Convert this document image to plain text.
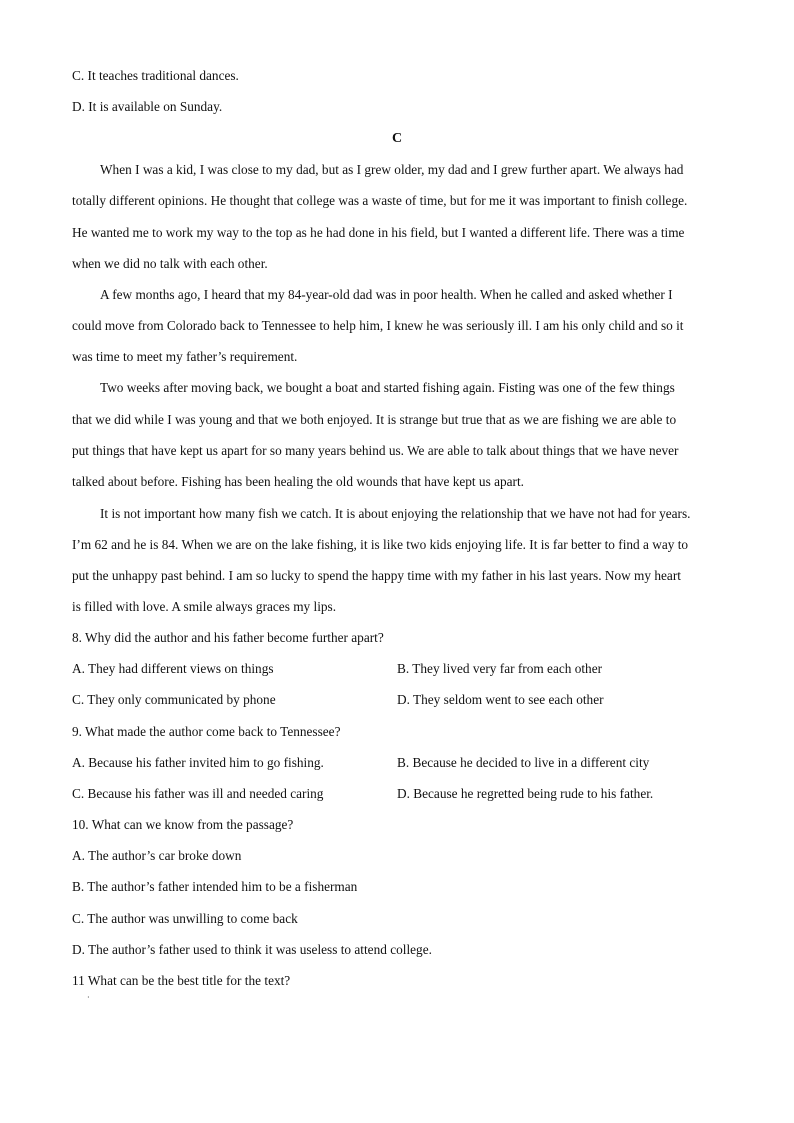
C. It teaches traditional dances.
D. It is available on Sunday.
C
When I was a kid, I was close to my dad, but as I grew older, my dad and I grew further apart. We always had
totally different opinions. He thought that college was a waste of time, but for me it was important to finish college.
He wanted me to work my way to the top as he had done in his field, but I wanted a different life. There was a time
when we did no talk with each other.
A few months ago, I heard that my 84-year-old dad was in poor health. When he called and asked whether I
could move from Colorado back to Tennessee to help him, I knew he was seriously ill. I am his only child and so it
was time to meet my father’s requirement.
Two weeks after moving back, we bought a boat and started fishing again. Fisting was one of the few things
that we did while I was young and that we both enjoyed. It is strange but true that as we are fishing we are able to
put things that have kept us apart for so many years behind us. We are able to talk about things that we have never
talked about before. Fishing has been healing the old wounds that have kept us apart.
It is not important how many fish we catch. It is about enjoying the relationship that we have not had for years.
I’m 62 and he is 84. When we are on the lake fishing, it is like two kids enjoying life. It is far better to find a way to
put the unhappy past behind. I am so lucky to spend the happy time with my father in his last years. Now my heart
is filled with love. A smile always graces my lips.
8. Why did the author and his father become further apart?
A. They had different views on things	B. They lived very far from each other
C. They only communicated by phone	D. They seldom went to see each other
9. What made the author come back to Tennessee?
A. Because his father invited him to go fishing.	B. Because he decided to live in a different city
C. Because his father was ill and needed caring	D. Because he regretted being rude to his father.
10. What can we know from the passage?
A. The author’s car broke down
B. The author’s father intended him to be a fisherman
C. The author was unwilling to come back
D. The author’s father used to think it was useless to attend college.
11 What can be the best title for the text?
·
